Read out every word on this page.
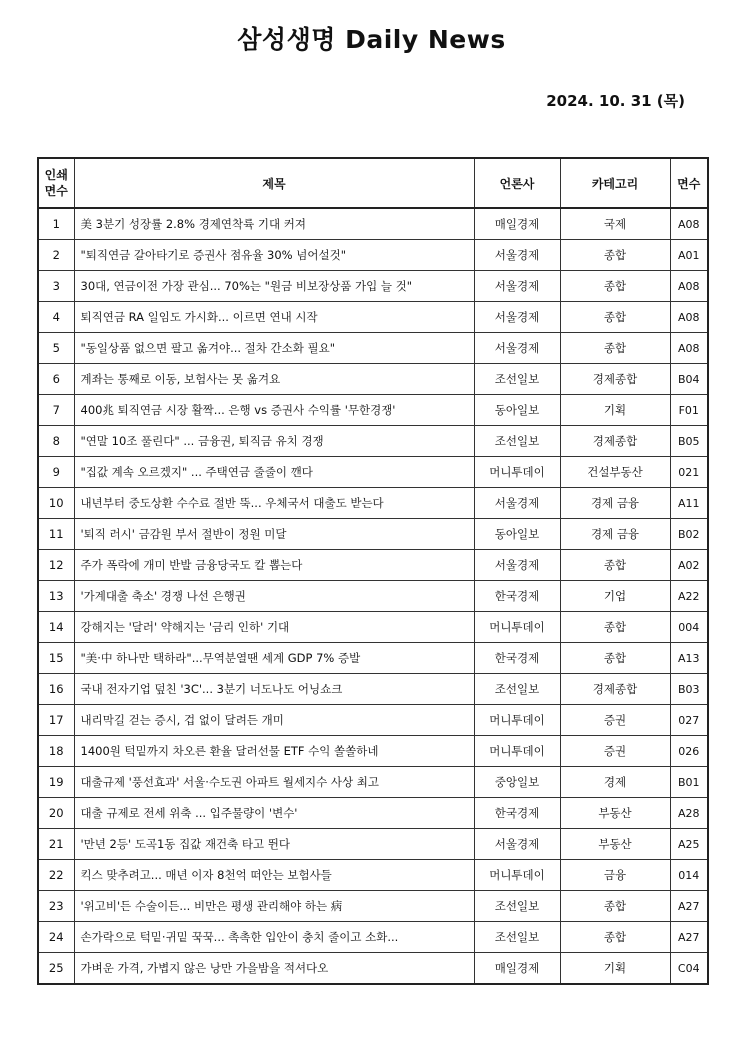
삼성생명 Daily News
2024. 10. 31 (목)
인쇄 면수	제목	언론사	카테고리	면수
1	美 3분기 성장률 2.8% 경제연착륙 기대 커져	매일경제	국제	A08
2	"퇴직연금 갈아타기로 증권사 점유율 30% 넘어설것"	서울경제	종합	A01
3	30대, 연금이전 가장 관심... 70%는 "원금 비보장상품 가입 늘 것"	서울경제	종합	A08
4	퇴직연금 RA 일임도 가시화... 이르면 연내 시작	서울경제	종합	A08
5	"동일상품 없으면 팔고 옮겨야... 절차 간소화 필요"	서울경제	종합	A08
6	계좌는 통째로 이동, 보험사는 못 옮겨요	조선일보	경제종합	B04
7	400兆 퇴직연금 시장 활짝... 은행 vs 증권사 수익률 '무한경쟁'	동아일보	기획	F01
8	"연말 10조 풀린다" ... 금융권, 퇴직금 유치 경쟁	조선일보	경제종합	B05
9	"집값 계속 오르겠지" ... 주택연금 줄줄이 깬다	머니투데이	건설부동산	021
10	내년부터 중도상환 수수료 절반 뚝... 우체국서 대출도 받는다	서울경제	경제 금융	A11
11	'퇴직 러시' 금감원 부서 절반이 정원 미달	동아일보	경제 금융	B02
12	주가 폭락에 개미 반발 금융당국도 칼 뽑는다	서울경제	종합	A02
13	'가계대출 축소' 경쟁 나선 은행권	한국경제	기업	A22
14	강해지는 '달러' 약해지는 '금리 인하' 기대	머니투데이	종합	004
15	"美·中 하나만 택하라"...무역분열땐 세계 GDP 7% 증발	한국경제	종합	A13
16	국내 전자기업 덮친 '3C'... 3분기 너도나도 어닝쇼크	조선일보	경제종합	B03
17	내리막길 걷는 증시, 겁 없이 달려든 개미	머니투데이	증권	027
18	1400원 턱밑까지 차오른 환율 달러선물 ETF 수익 쏠쏠하네	머니투데이	증권	026
19	대출규제 '풍선효과' 서울·수도권 아파트 월세지수 사상 최고	중앙일보	경제	B01
20	대출 규제로 전세 위축 ... 입주물량이 '변수'	한국경제	부동산	A28
21	'만년 2등' 도곡1동 집값 재건축 타고 뛴다	서울경제	부동산	A25
22	킥스 맞추려고... 매년 이자 8천억 떠안는 보험사들	머니투데이	금융	014
23	'위고비'든 수술이든... 비만은 평생 관리해야 하는 病	조선일보	종합	A27
24	손가락으로 턱밑·귀밑 꾹꾹... 촉촉한 입안이 충치 줄이고 소화...	조선일보	종합	A27
25	가벼운 가격, 가볍지 않은 낭만 가을밤을 적셔다오	매일경제	기획	C04
